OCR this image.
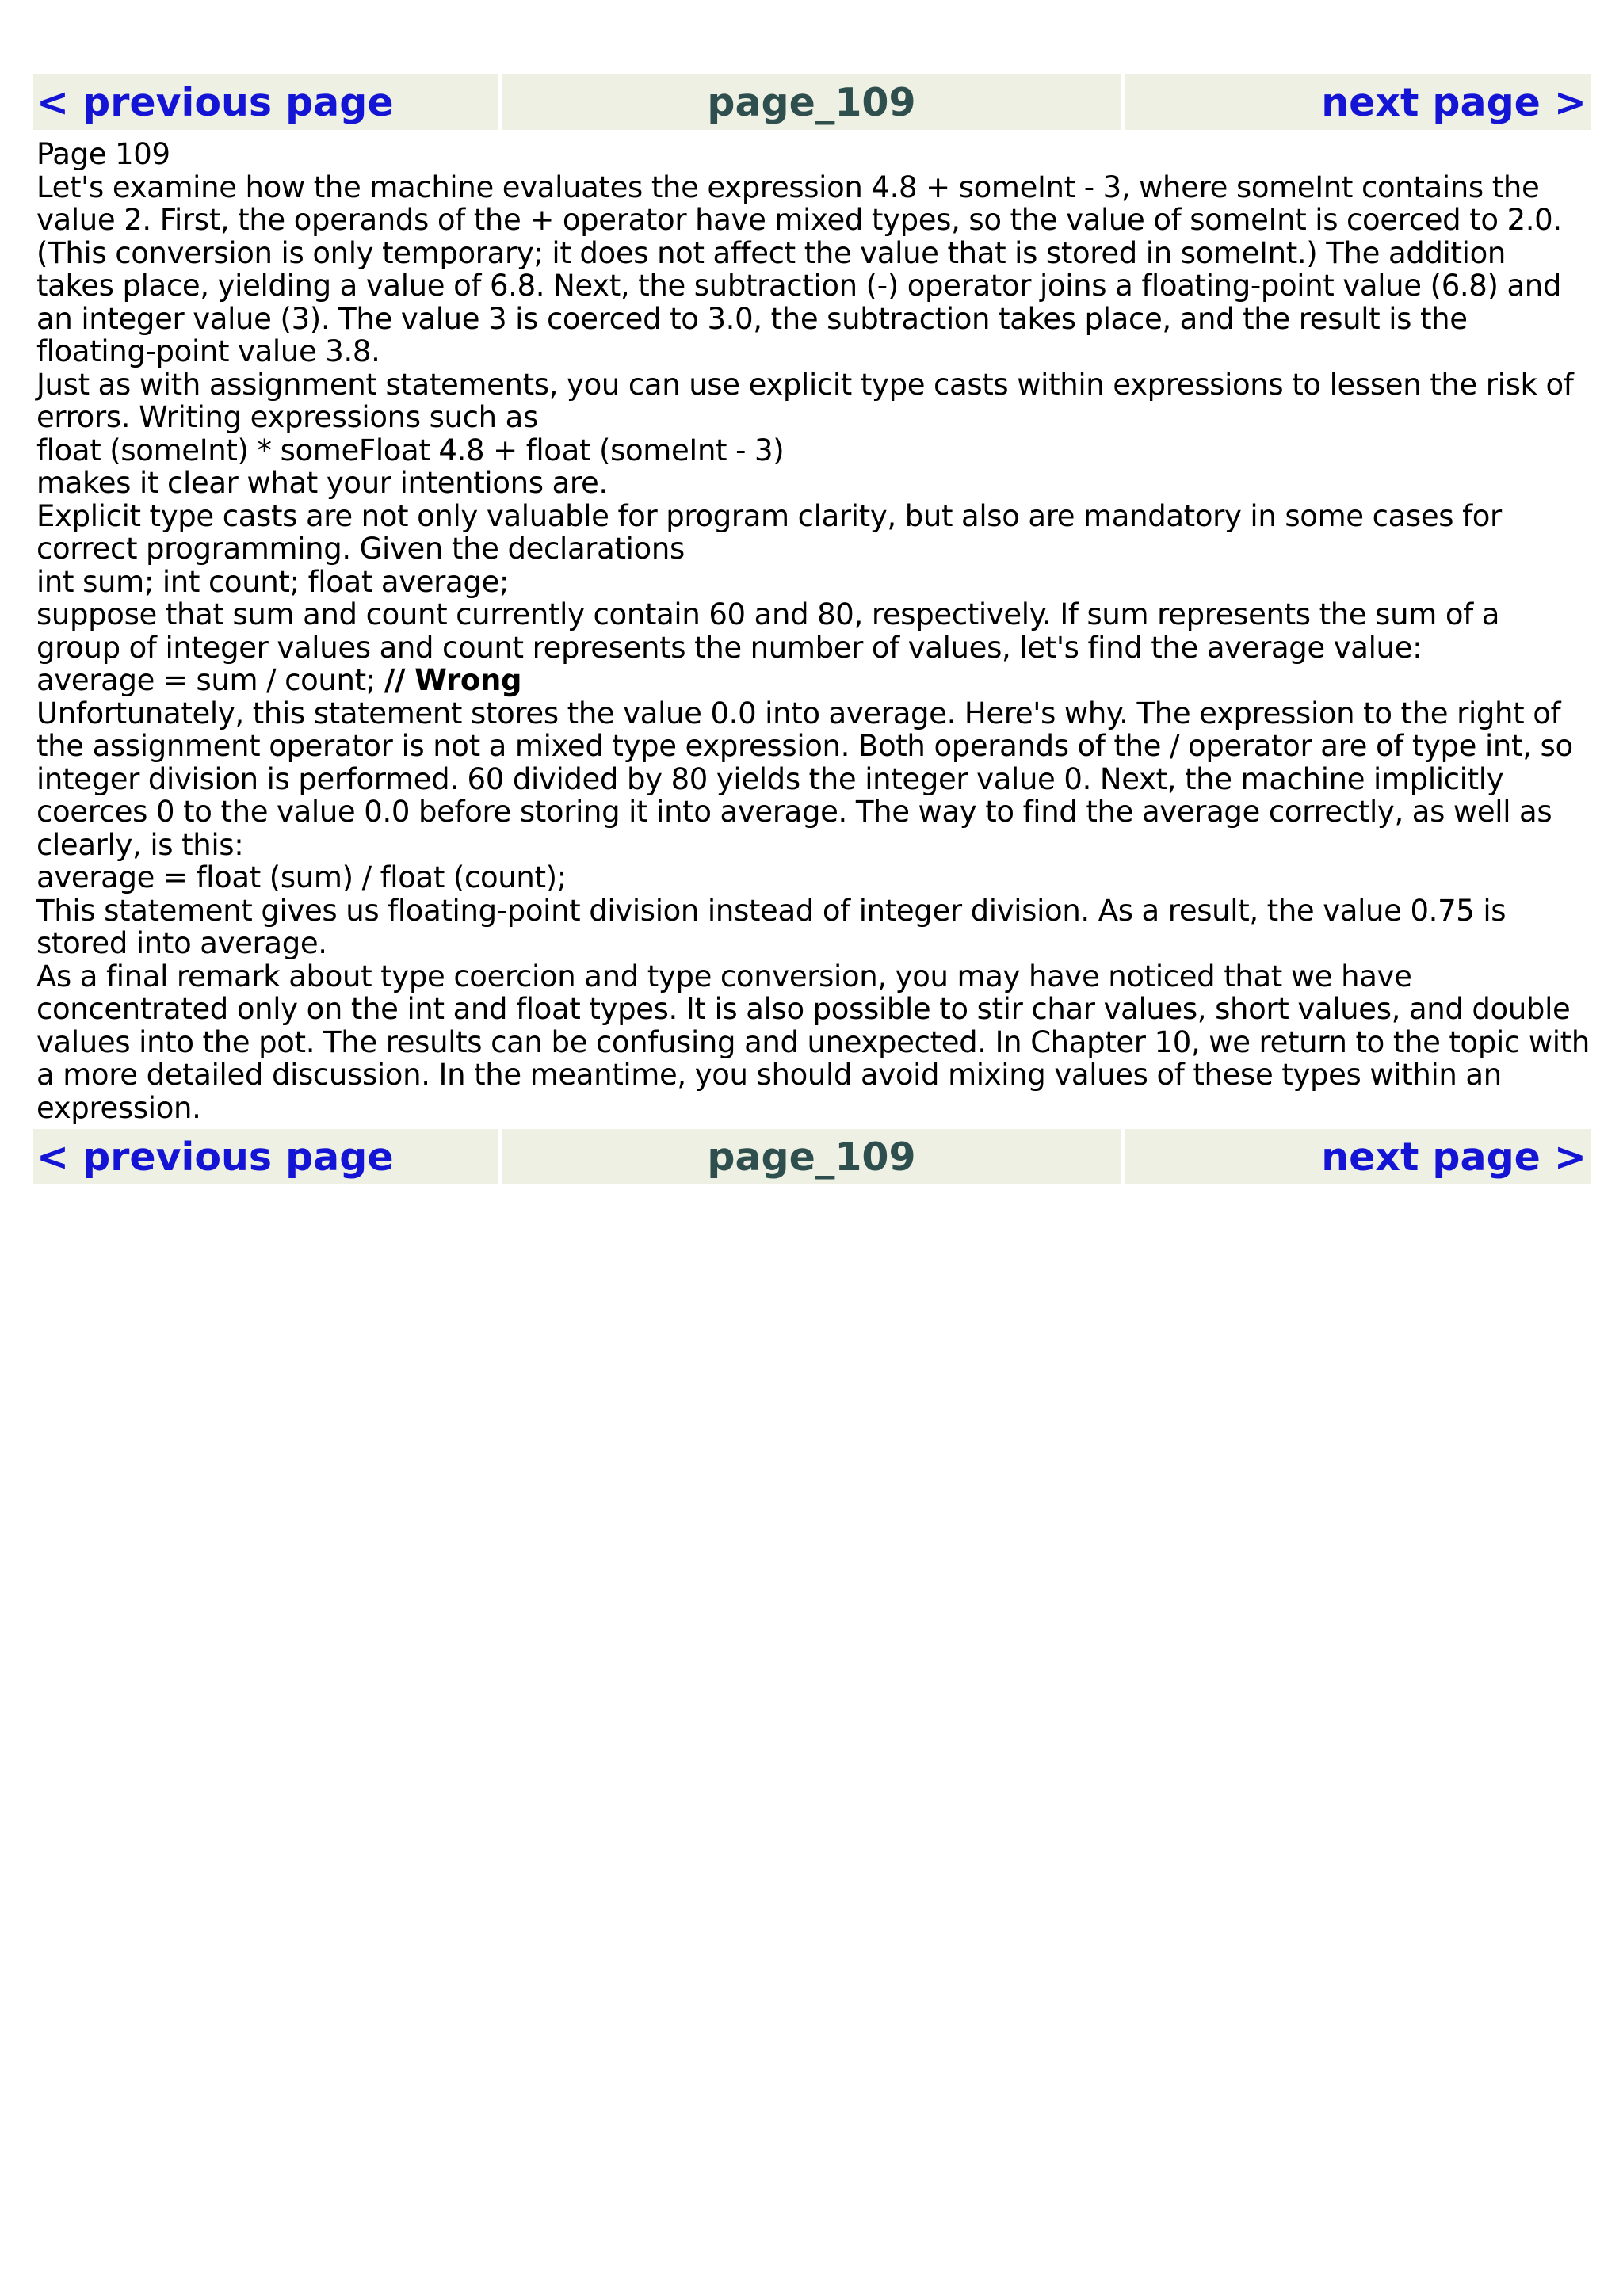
< previous page	page_109	next page >

Page 109

Let's examine how the machine evaluates the expression 4.8 + someInt - 3, where someInt contains the value 2. First, the operands of the + operator have mixed types, so the value of someInt is coerced to 2.0. (This conversion is only temporary; it does not affect the value that is stored in someInt.) The addition takes place, yielding a value of 6.8. Next, the subtraction (-) operator joins a floating-point value (6.8) and an integer value (3). The value 3 is coerced to 3.0, the subtraction takes place, and the result is the floating-point value 3.8.

Just as with assignment statements, you can use explicit type casts within expressions to lessen the risk of errors. Writing expressions such as

float (someInt) * someFloat 4.8 + float (someInt - 3)

makes it clear what your intentions are.

Explicit type casts are not only valuable for program clarity, but also are mandatory in some cases for correct programming. Given the declarations

int sum; int count; float average;

suppose that sum and count currently contain 60 and 80, respectively. If sum represents the sum of a group of integer values and count represents the number of values, let's find the average value:

average = sum / count; // Wrong

Unfortunately, this statement stores the value 0.0 into average. Here's why. The expression to the right of the assignment operator is not a mixed type expression. Both operands of the / operator are of type int, so integer division is performed. 60 divided by 80 yields the integer value 0. Next, the machine implicitly coerces 0 to the value 0.0 before storing it into average. The way to find the average correctly, as well as clearly, is this:

average = float (sum) / float (count);

This statement gives us floating-point division instead of integer division. As a result, the value 0.75 is stored into average.

As a final remark about type coercion and type conversion, you may have noticed that we have concentrated only on the int and float types. It is also possible to stir char values, short values, and double values into the pot. The results can be confusing and unexpected. In Chapter 10, we return to the topic with a more detailed discussion. In the meantime, you should avoid mixing values of these types within an expression.

< previous page	page_109	next page >
